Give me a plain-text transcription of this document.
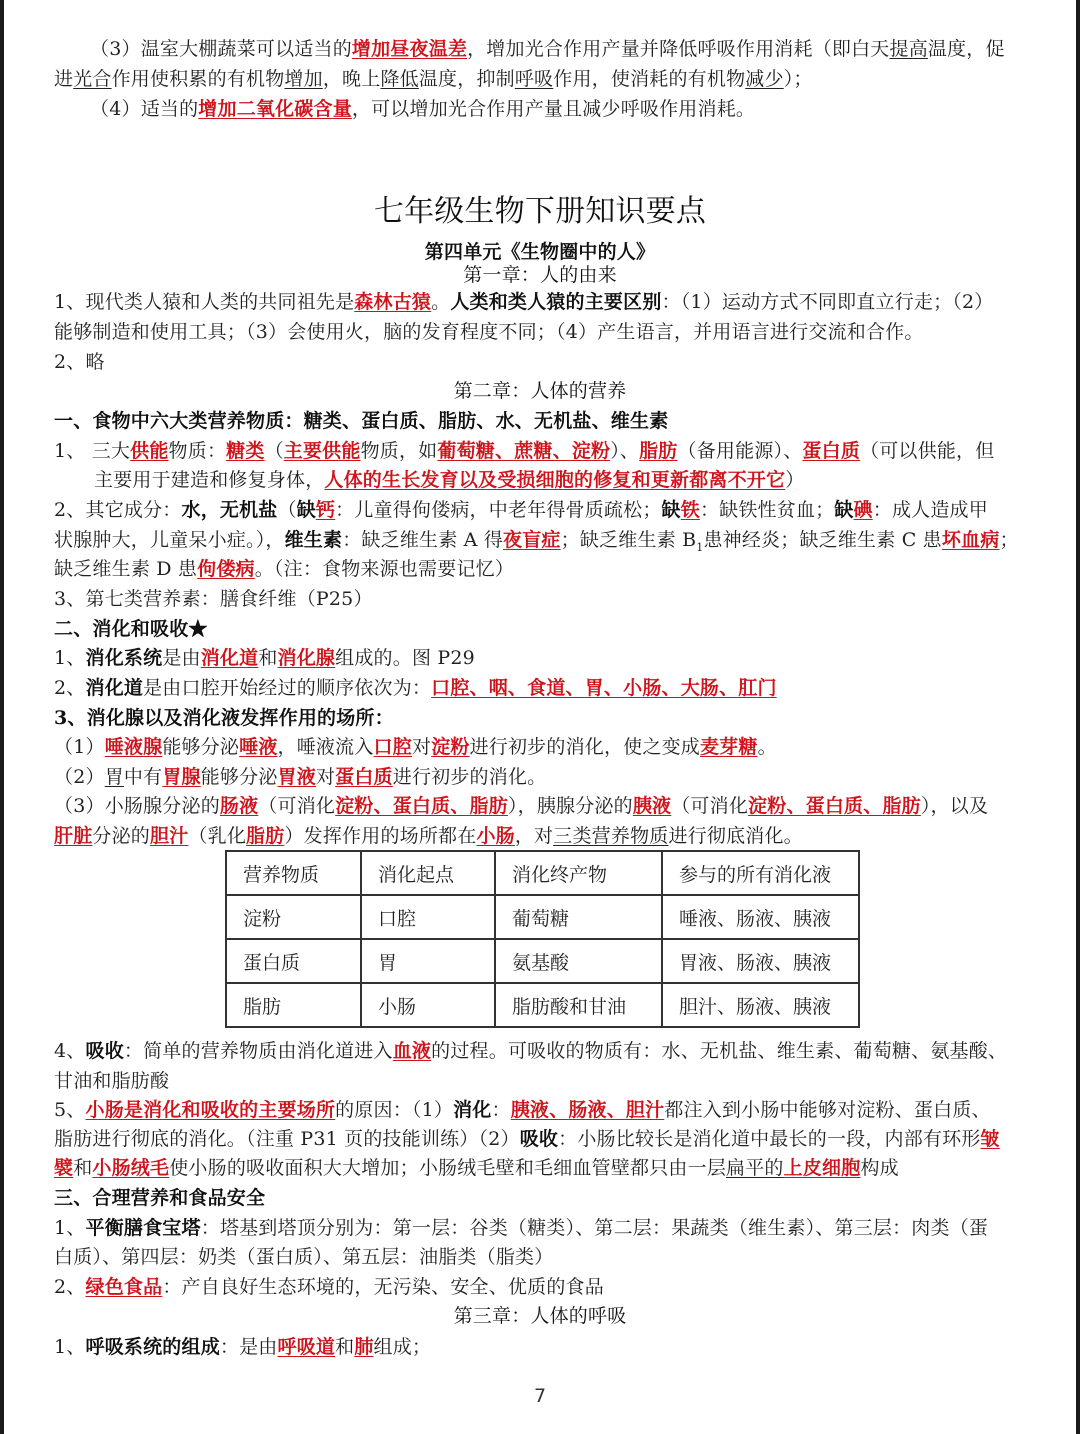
（3）温室大棚蔬菜可以适当的增加昼夜温差，增加光合作用产量并降低呼吸作用消耗（即白天提高温度，促
进光合作用使积累的有机物增加，晚上降低温度，抑制呼吸作用，使消耗的有机物减少）；
（4）适当的增加二氧化碳含量，可以增加光合作用产量且减少呼吸作用消耗。
七年级生物下册知识要点
第四单元《生物圈中的人》
第一章：人的由来
1、现代类人猿和人类的共同祖先是森林古猿。人类和类人猿的主要区别：（1）运动方式不同即直立行走；（2）
能够制造和使用工具；（3）会使用火，脑的发育程度不同；（4）产生语言，并用语言进行交流和合作。
2、略
第二章：人体的营养
一、食物中六大类营养物质：糖类、蛋白质、脂肪、水、无机盐、维生素
1、 三大供能物质：糖类（主要供能物质，如葡萄糖、蔗糖、淀粉）、脂肪（备用能源）、蛋白质（可以供能，但
主要用于建造和修复身体，人体的生长发育以及受损细胞的修复和更新都离不开它）
2、其它成分：水，无机盐（缺钙：儿童得佝偻病，中老年得骨质疏松；缺铁：缺铁性贫血；缺碘：成人造成甲
状腺肿大，儿童呆小症。），维生素：缺乏维生素 A 得夜盲症；缺乏维生素 $B_1$患神经炎；缺乏维生素 C 患坏血病；
缺乏维生素 D 患佝偻病。（注：食物来源也需要记忆）
3、第七类营养素：膳食纤维（P25）
二、消化和吸收★
1、消化系统是由消化道和消化腺组成的。图 P29
2、消化道是由口腔开始经过的顺序依次为：口腔、咽、食道、胃、小肠、大肠、肛门
3、消化腺以及消化液发挥作用的场所：
（1）唾液腺能够分泌唾液，唾液流入口腔对淀粉进行初步的消化，使之变成麦芽糖。
（2）胃中有胃腺能够分泌胃液对蛋白质进行初步的消化。
（3）小肠腺分泌的肠液（可消化淀粉、蛋白质、脂肪），胰腺分泌的胰液（可消化淀粉、蛋白质、脂肪），以及
肝脏分泌的胆汁（乳化脂肪）发挥作用的场所都在小肠，对三类营养物质进行彻底消化。
营养物质	消化起点	消化终产物	参与的所有消化液
淀粉	口腔	葡萄糖	唾液、肠液、胰液
蛋白质	胃	氨基酸	胃液、肠液、胰液
脂肪	小肠	脂肪酸和甘油	胆汁、肠液、胰液
4、吸收：简单的营养物质由消化道进入血液的过程。可吸收的物质有：水、无机盐、维生素、葡萄糖、氨基酸、
甘油和脂肪酸
5、小肠是消化和吸收的主要场所的原因：（1）消化：胰液、肠液、胆汁都注入到小肠中能够对淀粉、蛋白质、
脂肪进行彻底的消化。（注重 P31 页的技能训练）（2）吸收：小肠比较长是消化道中最长的一段，内部有环形皱
襞和小肠绒毛使小肠的吸收面积大大增加；小肠绒毛壁和毛细血管壁都只由一层扁平的上皮细胞构成
三、合理营养和食品安全
1、平衡膳食宝塔：塔基到塔顶分别为：第一层：谷类（糖类）、第二层：果蔬类（维生素）、第三层：肉类（蛋
白质）、第四层：奶类（蛋白质）、第五层：油脂类（脂类）
2、绿色食品：产自良好生态环境的，无污染、安全、优质的食品
第三章：人体的呼吸
1、呼吸系统的组成：是由呼吸道和肺组成；
7
